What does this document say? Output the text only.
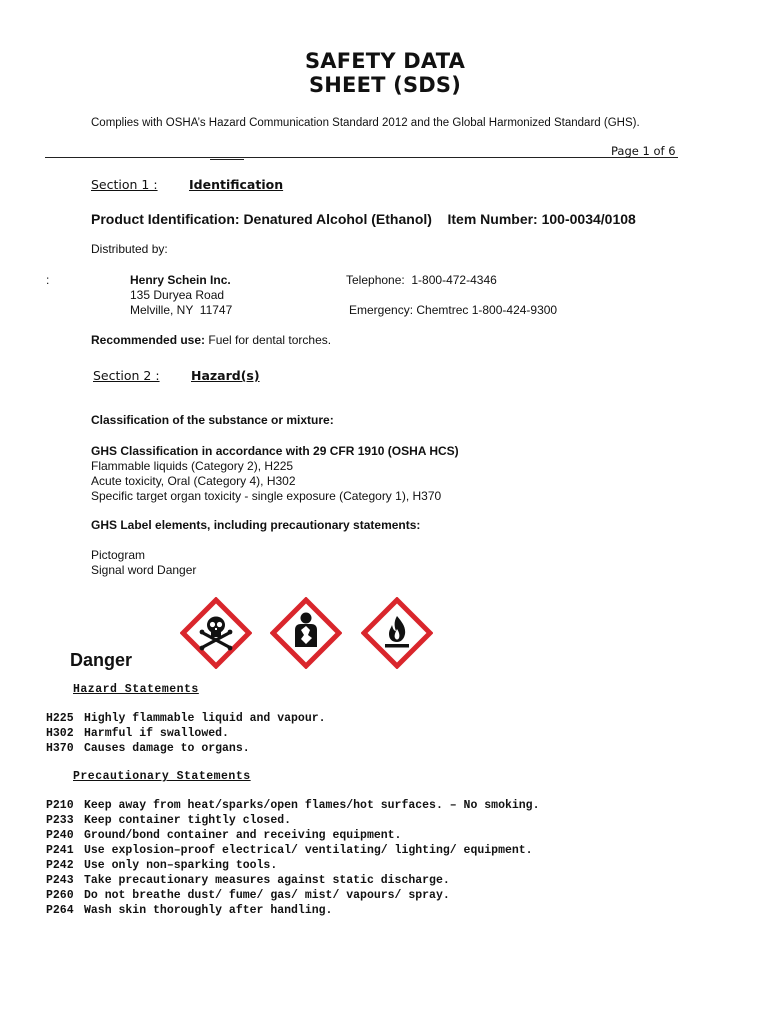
SAFETY DATA
SHEET (SDS)
Complies with OSHA’s Hazard Communication Standard 2012 and the Global Harmonized Standard (GHS).
Page 1 of 6
Section 1 :	Identification
Product Identification: Denatured Alcohol (Ethanol)    Item Number: 100-0034/0108
Distributed by:
:	Henry Schein Inc.
135 Duryea Road
Melville, NY  11747
Telephone:  1-800-472-4346
Emergency: Chemtrec 1-800-424-9300
Recommended use: Fuel for dental torches.
Section 2 :	Hazard(s)
Classification of the substance or mixture:
GHS Classification in accordance with 29 CFR 1910 (OSHA HCS)
Flammable liquids (Category 2), H225
Acute toxicity, Oral (Category 4), H302
Specific target organ toxicity - single exposure (Category 1), H370
GHS Label elements, including precautionary statements:
Pictogram
Signal word Danger
Danger
Hazard Statements
H225 Highly flammable liquid and vapour.
H302 Harmful if swallowed.
H370 Causes damage to organs.
Precautionary Statements
P210 Keep away from heat/sparks/open flames/hot surfaces. – No smoking.
P233 Keep container tightly closed.
P240 Ground/bond container and receiving equipment.
P241 Use explosion–proof electrical/ ventilating/ lighting/ equipment.
P242 Use only non–sparking tools.
P243 Take precautionary measures against static discharge.
P260 Do not breathe dust/ fume/ gas/ mist/ vapours/ spray.
P264 Wash skin thoroughly after handling.
